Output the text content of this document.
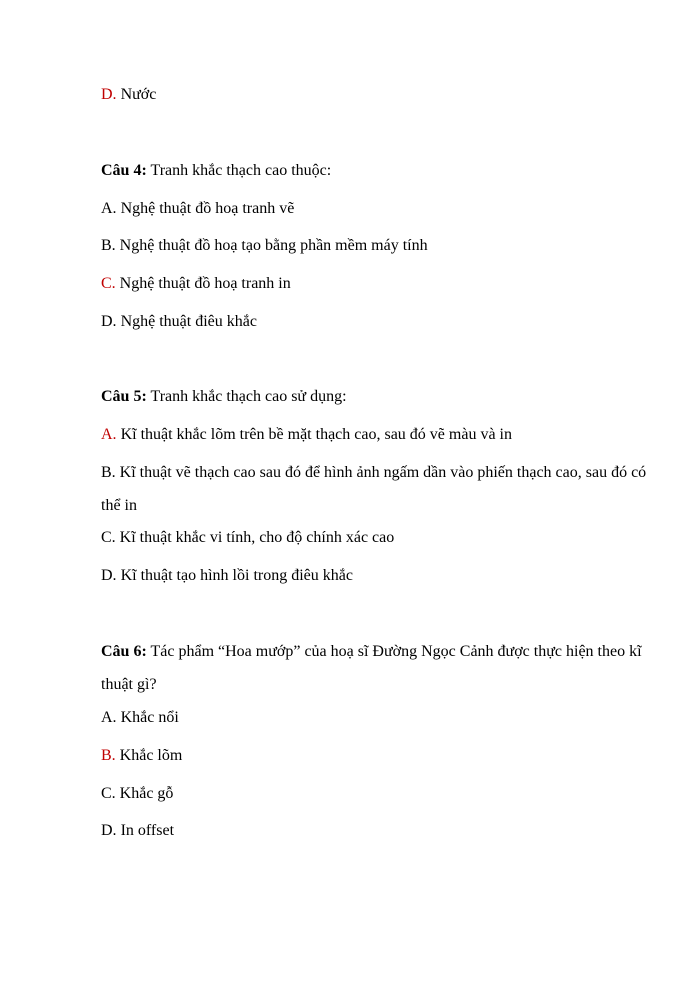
D. Nước
Câu 4: Tranh khắc thạch cao thuộc:
A. Nghệ thuật đồ hoạ tranh vẽ
B. Nghệ thuật đồ hoạ tạo bằng phần mềm máy tính
C. Nghệ thuật đồ hoạ tranh in
D. Nghệ thuật điêu khắc
Câu 5: Tranh khắc thạch cao sử dụng:
A. Kĩ thuật khắc lõm trên bề mặt thạch cao, sau đó vẽ màu và in
B. Kĩ thuật vẽ thạch cao sau đó để hình ảnh ngấm dần vào phiến thạch cao, sau đó có thể in
C. Kĩ thuật khắc vi tính, cho độ chính xác cao
D. Kĩ thuật tạo hình lồi trong điêu khắc
Câu 6: Tác phẩm “Hoa mướp” của hoạ sĩ Đường Ngọc Cảnh được thực hiện theo kĩ thuật gì?
A. Khắc nổi
B. Khắc lõm
C. Khắc gỗ
D. In offset
